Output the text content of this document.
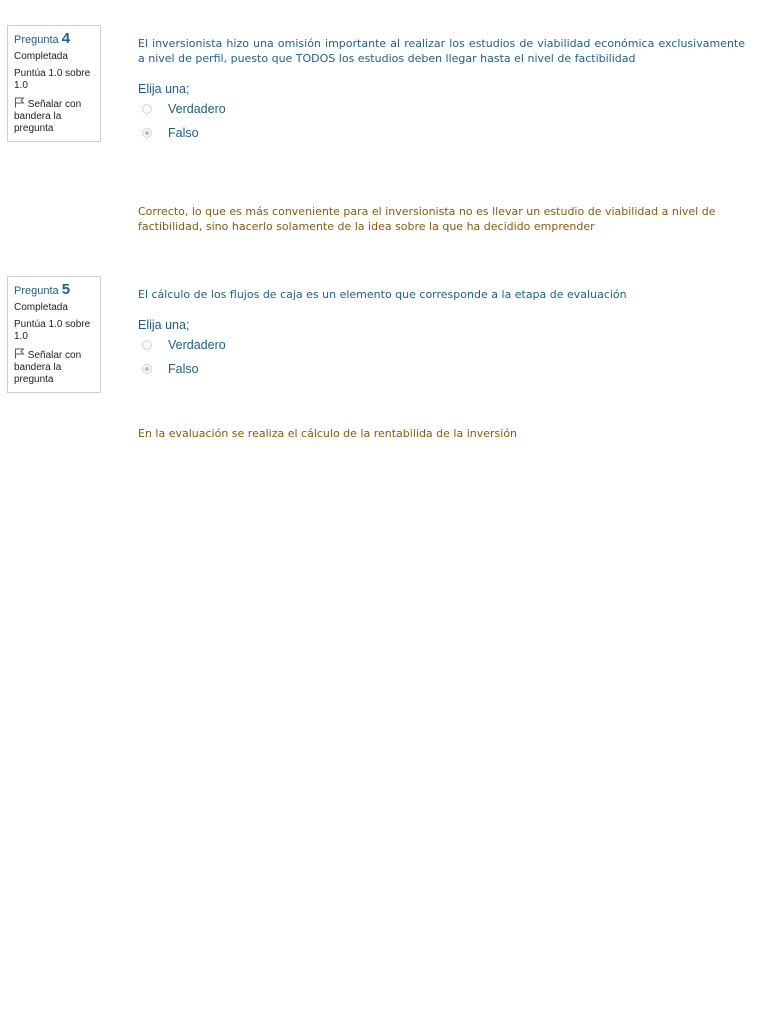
Pregunta 4
Completada
Puntúa 1.0 sobre 1.0
Señalar con bandera la pregunta
El inversionista hizo una omisión importante al realizar los estudios de viabilidad económica exclusivamente a nivel de perfil, puesto que TODOS los estudios deben llegar hasta el nivel de factibilidad
Elija una;
Verdadero
Falso
Correcto, lo que es más conveniente para el inversionista no es llevar un estudio de viabilidad a nivel de factibilidad, sino hacerlo solamente de la idea sobre la que ha decidido emprender
Pregunta 5
Completada
Puntúa 1.0 sobre 1.0
Señalar con bandera la pregunta
El cálculo de los flujos de caja es un elemento que corresponde a la etapa de evaluación
Elija una;
Verdadero
Falso
En la evaluación se realiza el cálculo de la rentabilida de la inversión
